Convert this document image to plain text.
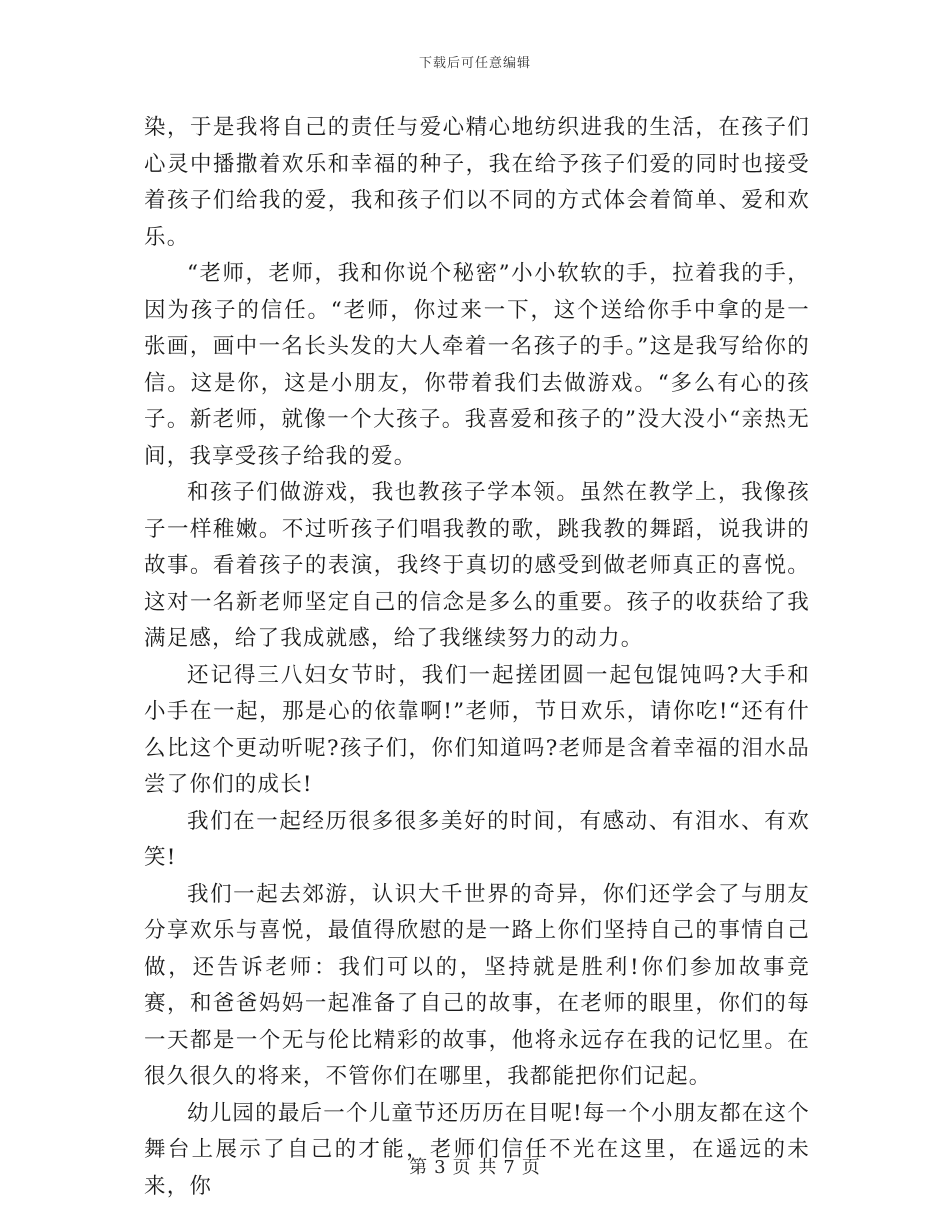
下载后可任意编辑

染，于是我将自己的责任与爱心精心地纺织进我的生活，在孩子们心灵中播撒着欢乐和幸福的种子，我在给予孩子们爱的同时也接受着孩子们给我的爱，我和孩子们以不同的方式体会着简单、爱和欢乐。

“老师，老师，我和你说个秘密”小小软软的手，拉着我的手，因为孩子的信任。“老师，你过来一下，这个送给你手中拿的是一张画，画中一名长头发的大人牵着一名孩子的手。”这是我写给你的信。这是你，这是小朋友，你带着我们去做游戏。“多么有心的孩子。新老师，就像一个大孩子。我喜爱和孩子的”没大没小“亲热无间，我享受孩子给我的爱。

和孩子们做游戏，我也教孩子学本领。虽然在教学上，我像孩子一样稚嫩。不过听孩子们唱我教的歌，跳我教的舞蹈，说我讲的故事。看着孩子的表演，我终于真切的感受到做老师真正的喜悦。这对一名新老师坚定自己的信念是多么的重要。孩子的收获给了我满足感，给了我成就感，给了我继续努力的动力。

还记得三八妇女节时，我们一起搓团圆一起包馄饨吗?大手和小手在一起，那是心的依靠啊!”老师，节日欢乐，请你吃!“还有什么比这个更动听呢?孩子们，你们知道吗?老师是含着幸福的泪水品尝了你们的成长!

我们在一起经历很多很多美好的时间，有感动、有泪水、有欢笑!

我们一起去郊游，认识大千世界的奇异，你们还学会了与朋友分享欢乐与喜悦，最值得欣慰的是一路上你们坚持自己的事情自己做，还告诉老师：我们可以的，坚持就是胜利!你们参加故事竞赛，和爸爸妈妈一起准备了自己的故事，在老师的眼里，你们的每一天都是一个无与伦比精彩的故事，他将永远存在我的记忆里。在很久很久的将来，不管你们在哪里，我都能把你们记起。

幼儿园的最后一个儿童节还历历在目呢!每一个小朋友都在这个舞台上展示了自己的才能，老师们信任不光在这里，在遥远的未来，你

第 3 页 共 7 页
